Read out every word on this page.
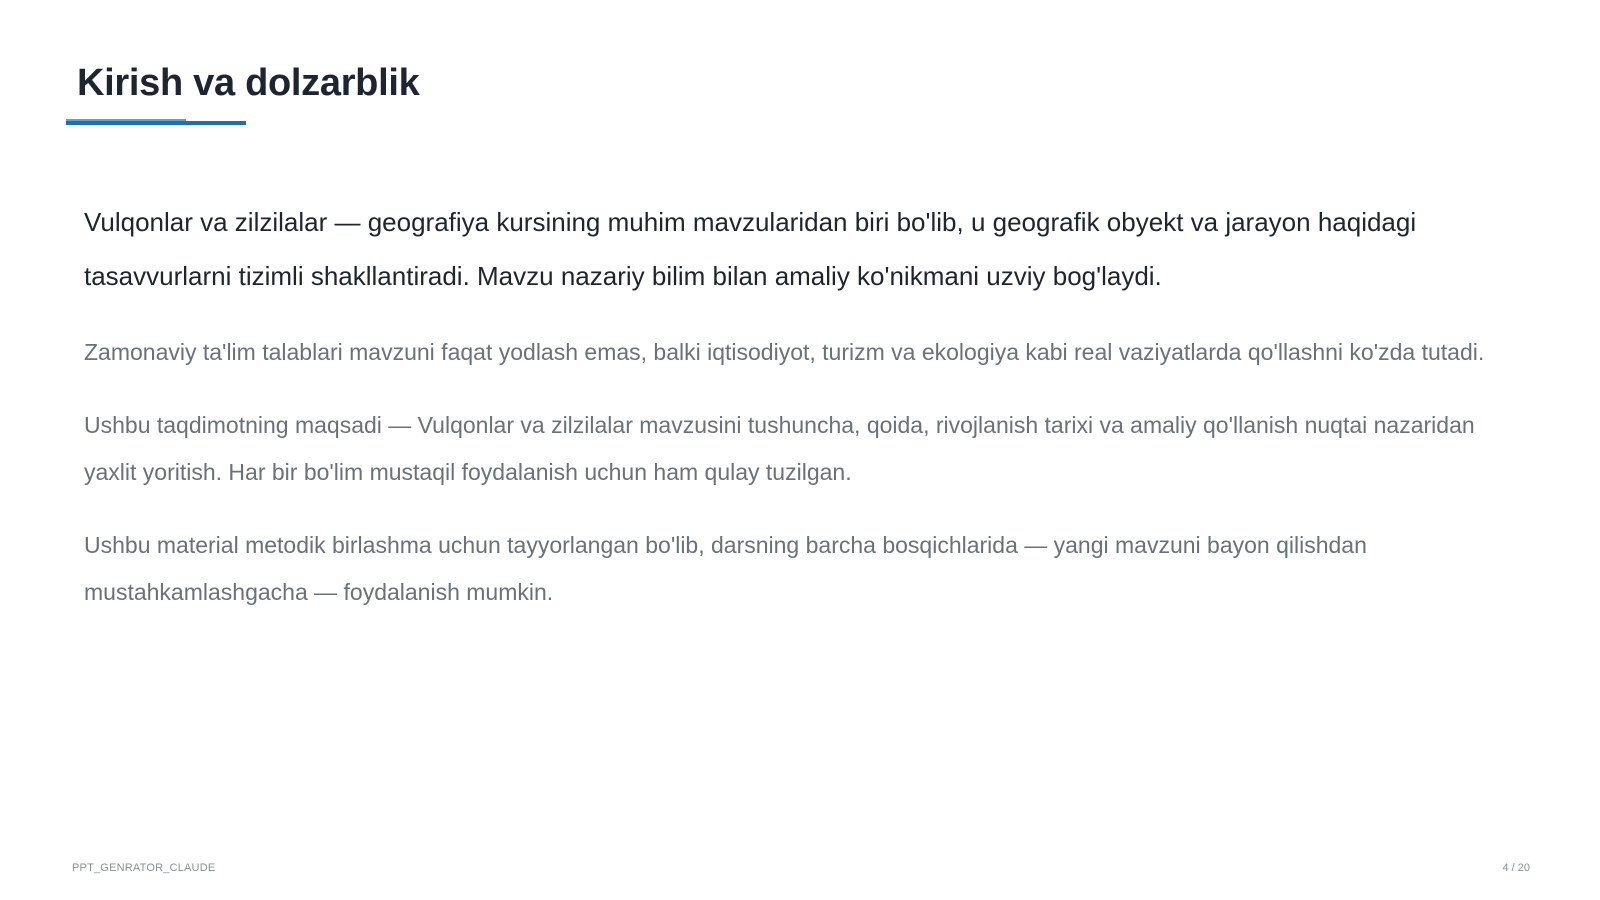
Kirish va dolzarblik

Vulqonlar va zilzilalar — geografiya kursining muhim mavzularidan biri bo'lib, u geografik obyekt va jarayon haqidagi tasavvurlarni tizimli shakllantiradi. Mavzu nazariy bilim bilan amaliy ko'nikmani uzviy bog'laydi.

Zamonaviy ta'lim talablari mavzuni faqat yodlash emas, balki iqtisodiyot, turizm va ekologiya kabi real vaziyatlarda qo'llashni ko'zda tutadi.

Ushbu taqdimotning maqsadi — Vulqonlar va zilzilalar mavzusini tushuncha, qoida, rivojlanish tarixi va amaliy qo'llanish nuqtai nazaridan yaxlit yoritish. Har bir bo'lim mustaqil foydalanish uchun ham qulay tuzilgan.

Ushbu material metodik birlashma uchun tayyorlangan bo'lib, darsning barcha bosqichlarida — yangi mavzuni bayon qilishdan mustahkamlashgacha — foydalanish mumkin.

PPT_GENRATOR_CLAUDE	4 / 20
